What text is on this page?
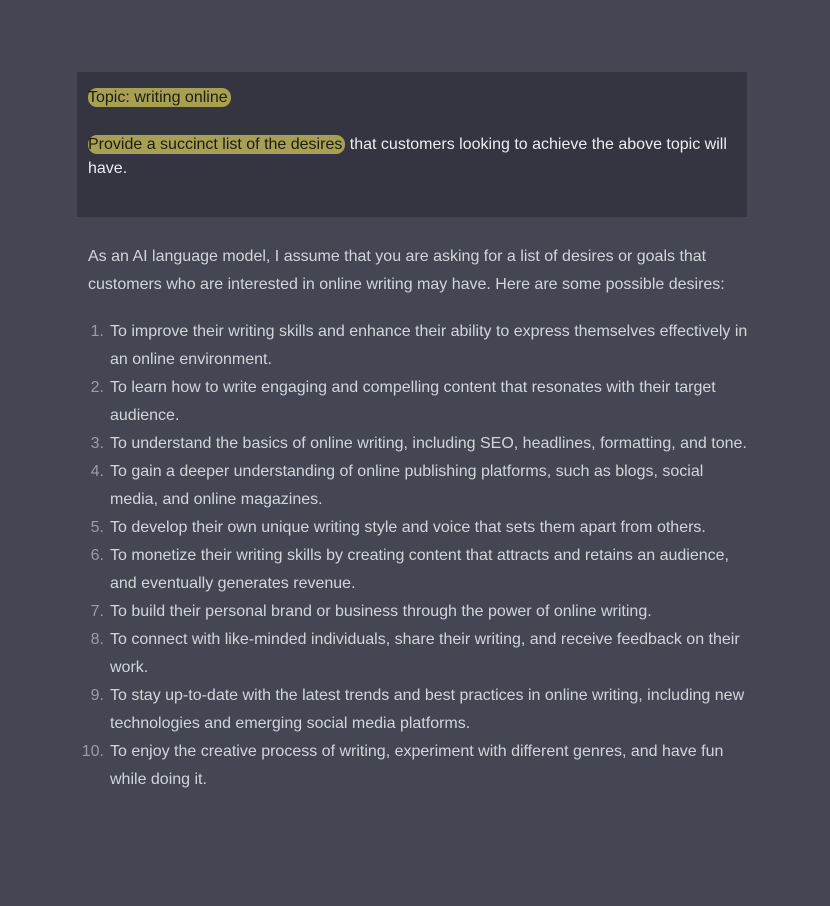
Topic: writing online

Provide a succinct list of the desires that customers looking to achieve the above topic will have.

As an AI language model, I assume that you are asking for a list of desires or goals that customers who are interested in online writing may have. Here are some possible desires:

1. To improve their writing skills and enhance their ability to express themselves effectively in an online environment.
2. To learn how to write engaging and compelling content that resonates with their target audience.
3. To understand the basics of online writing, including SEO, headlines, formatting, and tone.
4. To gain a deeper understanding of online publishing platforms, such as blogs, social media, and online magazines.
5. To develop their own unique writing style and voice that sets them apart from others.
6. To monetize their writing skills by creating content that attracts and retains an audience, and eventually generates revenue.
7. To build their personal brand or business through the power of online writing.
8. To connect with like-minded individuals, share their writing, and receive feedback on their work.
9. To stay up-to-date with the latest trends and best practices in online writing, including new technologies and emerging social media platforms.
10. To enjoy the creative process of writing, experiment with different genres, and have fun while doing it.
